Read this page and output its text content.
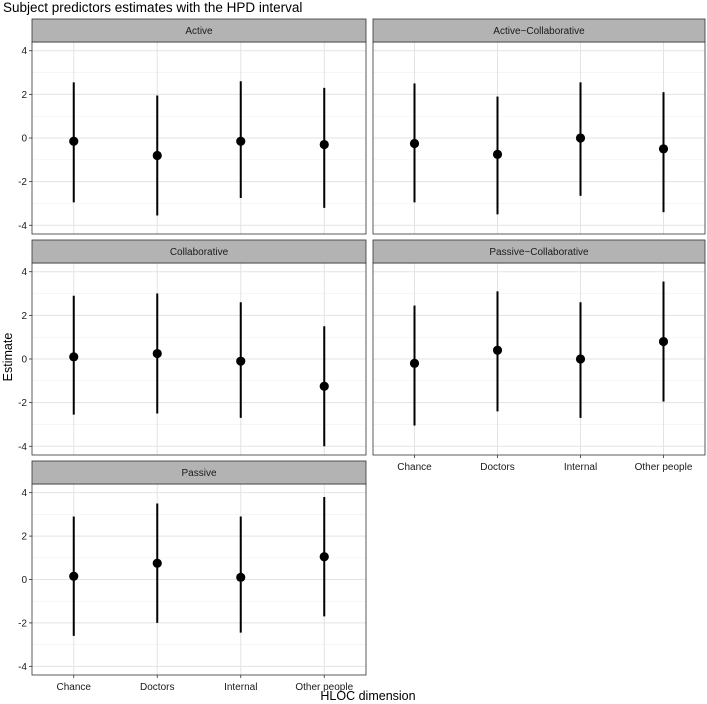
Subject predictors estimates with the HPD interval
Active
4
2
0
-2
-4
Active−Collaborative
Collaborative
4
2
0
-2
-4
Passive−Collaborative
Chance	Doctors	Internal	Other people
Passive
4
2
0
-2
-4
Chance	Doctors	Internal	Other people
HLOC dimension
Estimate
